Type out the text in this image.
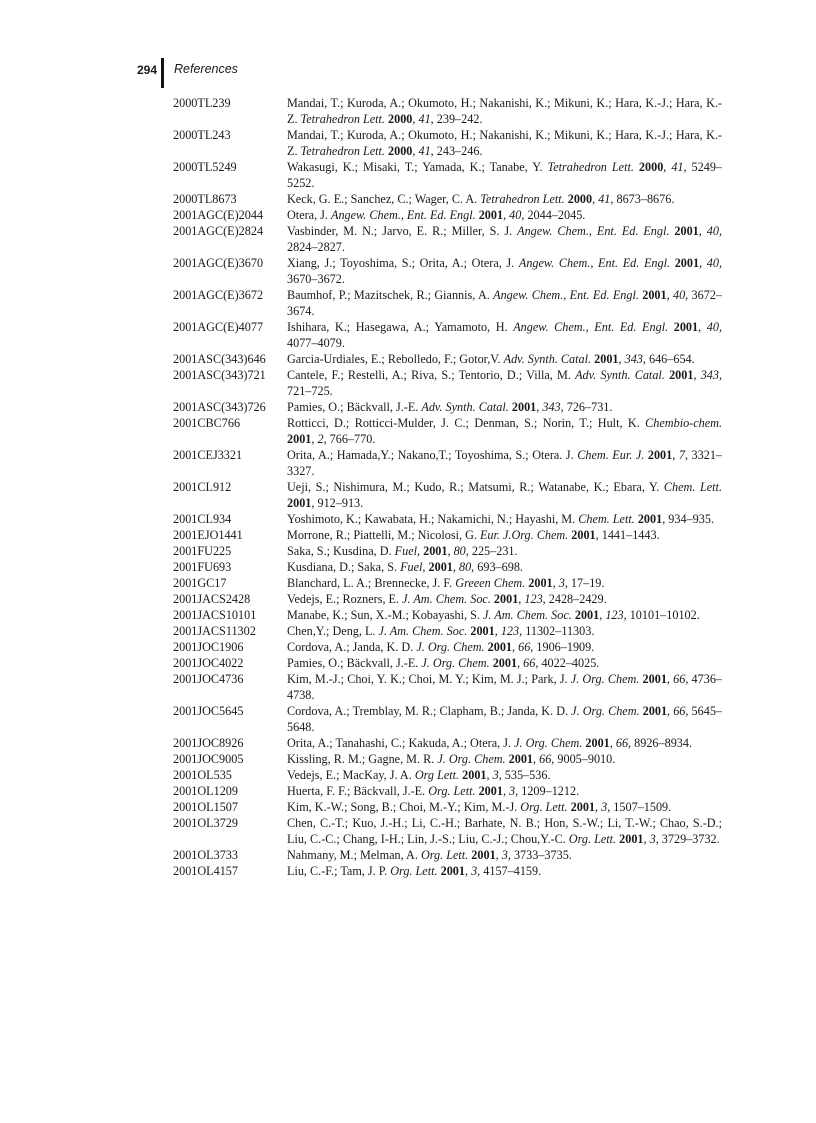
294 References
2000TL239	Mandai, T.; Kuroda, A.; Okumoto, H.; Nakanishi, K.; Mikuni, K.; Hara, K.-J.; Hara, K.-Z. Tetrahedron Lett. 2000, 41, 239–242.
2000TL243	Mandai, T.; Kuroda, A.; Okumoto, H.; Nakanishi, K.; Mikuni, K.; Hara, K.-J.; Hara, K.-Z. Tetrahedron Lett. 2000, 41, 243–246.
2000TL5249	Wakasugi, K.; Misaki, T.; Yamada, K.; Tanabe, Y. Tetrahedron Lett. 2000, 41, 5249–5252.
2000TL8673	Keck, G. E.; Sanchez, C.; Wager, C. A. Tetrahedron Lett. 2000, 41, 8673–8676.
2001AGC(E)2044	Otera, J. Angew. Chem., Ent. Ed. Engl. 2001, 40, 2044–2045.
2001AGC(E)2824	Vasbinder, M. N.; Jarvo, E. R.; Miller, S. J. Angew. Chem., Ent. Ed. Engl. 2001, 40, 2824–2827.
2001AGC(E)3670	Xiang, J.; Toyoshima, S.; Orita, A.; Otera, J. Angew. Chem., Ent. Ed. Engl. 2001, 40, 3670–3672.
2001AGC(E)3672	Baumhof, P.; Mazitschek, R.; Giannis, A. Angew. Chem., Ent. Ed. Engl. 2001, 40, 3672–3674.
2001AGC(E)4077	Ishihara, K.; Hasegawa, A.; Yamamoto, H. Angew. Chem., Ent. Ed. Engl. 2001, 40, 4077–4079.
2001ASC(343)646	Garcia-Urdiales, E.; Rebolledo, F.; Gotor,V. Adv. Synth. Catal. 2001, 343, 646–654.
2001ASC(343)721	Cantele, F.; Restelli, A.; Riva, S.; Tentorio, D.; Villa, M. Adv. Synth. Catal. 2001, 343, 721–725.
2001ASC(343)726	Pamies, O.; Bäckvall, J.-E. Adv. Synth. Catal. 2001, 343, 726–731.
2001CBC766	Rotticci, D.; Rotticci-Mulder, J. C.; Denman, S.; Norin, T.; Hult, K. Chembio-chem. 2001, 2, 766–770.
2001CEJ3321	Orita, A.; Hamada,Y.; Nakano,T.; Toyoshima, S.; Otera. J. Chem. Eur. J. 2001, 7, 3321–3327.
2001CL912	Ueji, S.; Nishimura, M.; Kudo, R.; Matsumi, R.; Watanabe, K.; Ebara, Y. Chem. Lett. 2001, 912–913.
2001CL934	Yoshimoto, K.; Kawabata, H.; Nakamichi, N.; Hayashi, M. Chem. Lett. 2001, 934–935.
2001EJO1441	Morrone, R.; Piattelli, M.; Nicolosi, G. Eur. J.Org. Chem. 2001, 1441–1443.
2001FU225	Saka, S.; Kusdina, D. Fuel, 2001, 80, 225–231.
2001FU693	Kusdiana, D.; Saka, S. Fuel, 2001, 80, 693–698.
2001GC17	Blanchard, L. A.; Brennecke, J. F. Greeen Chem. 2001, 3, 17–19.
2001JACS2428	Vedejs, E.; Rozners, E. J. Am. Chem. Soc. 2001, 123, 2428–2429.
2001JACS10101	Manabe, K.; Sun, X.-M.; Kobayashi, S. J. Am. Chem. Soc. 2001, 123, 10101–10102.
2001JACS11302	Chen,Y.; Deng, L. J. Am. Chem. Soc. 2001, 123, 11302–11303.
2001JOC1906	Cordova, A.; Janda, K. D. J. Org. Chem. 2001, 66, 1906–1909.
2001JOC4022	Pamies, O.; Bäckvall, J.-E. J. Org. Chem. 2001, 66, 4022–4025.
2001JOC4736	Kim, M.-J.; Choi, Y. K.; Choi, M. Y.; Kim, M. J.; Park, J. J. Org. Chem. 2001, 66, 4736–4738.
2001JOC5645	Cordova, A.; Tremblay, M. R.; Clapham, B.; Janda, K. D. J. Org. Chem. 2001, 66, 5645–5648.
2001JOC8926	Orita, A.; Tanahashi, C.; Kakuda, A.; Otera, J. J. Org. Chem. 2001, 66, 8926–8934.
2001JOC9005	Kissling, R. M.; Gagne, M. R. J. Org. Chem. 2001, 66, 9005–9010.
2001OL535	Vedejs, E.; MacKay, J. A. Org Lett. 2001, 3, 535–536.
2001OL1209	Huerta, F. F.; Bäckvall, J.-E. Org. Lett. 2001, 3, 1209–1212.
2001OL1507	Kim, K.-W.; Song, B.; Choi, M.-Y.; Kim, M.-J. Org. Lett. 2001, 3, 1507–1509.
2001OL3729	Chen, C.-T.; Kuo, J.-H.; Li, C.-H.; Barhate, N. B.; Hon, S.-W.; Li, T.-W.; Chao, S.-D.; Liu, C.-C.; Chang, I-H.; Lin, J.-S.; Liu, C.-J.; Chou,Y.-C. Org. Lett. 2001, 3, 3729–3732.
2001OL3733	Nahmany, M.; Melman, A. Org. Lett. 2001, 3, 3733–3735.
2001OL4157	Liu, C.-F.; Tam, J. P. Org. Lett. 2001, 3, 4157–4159.
